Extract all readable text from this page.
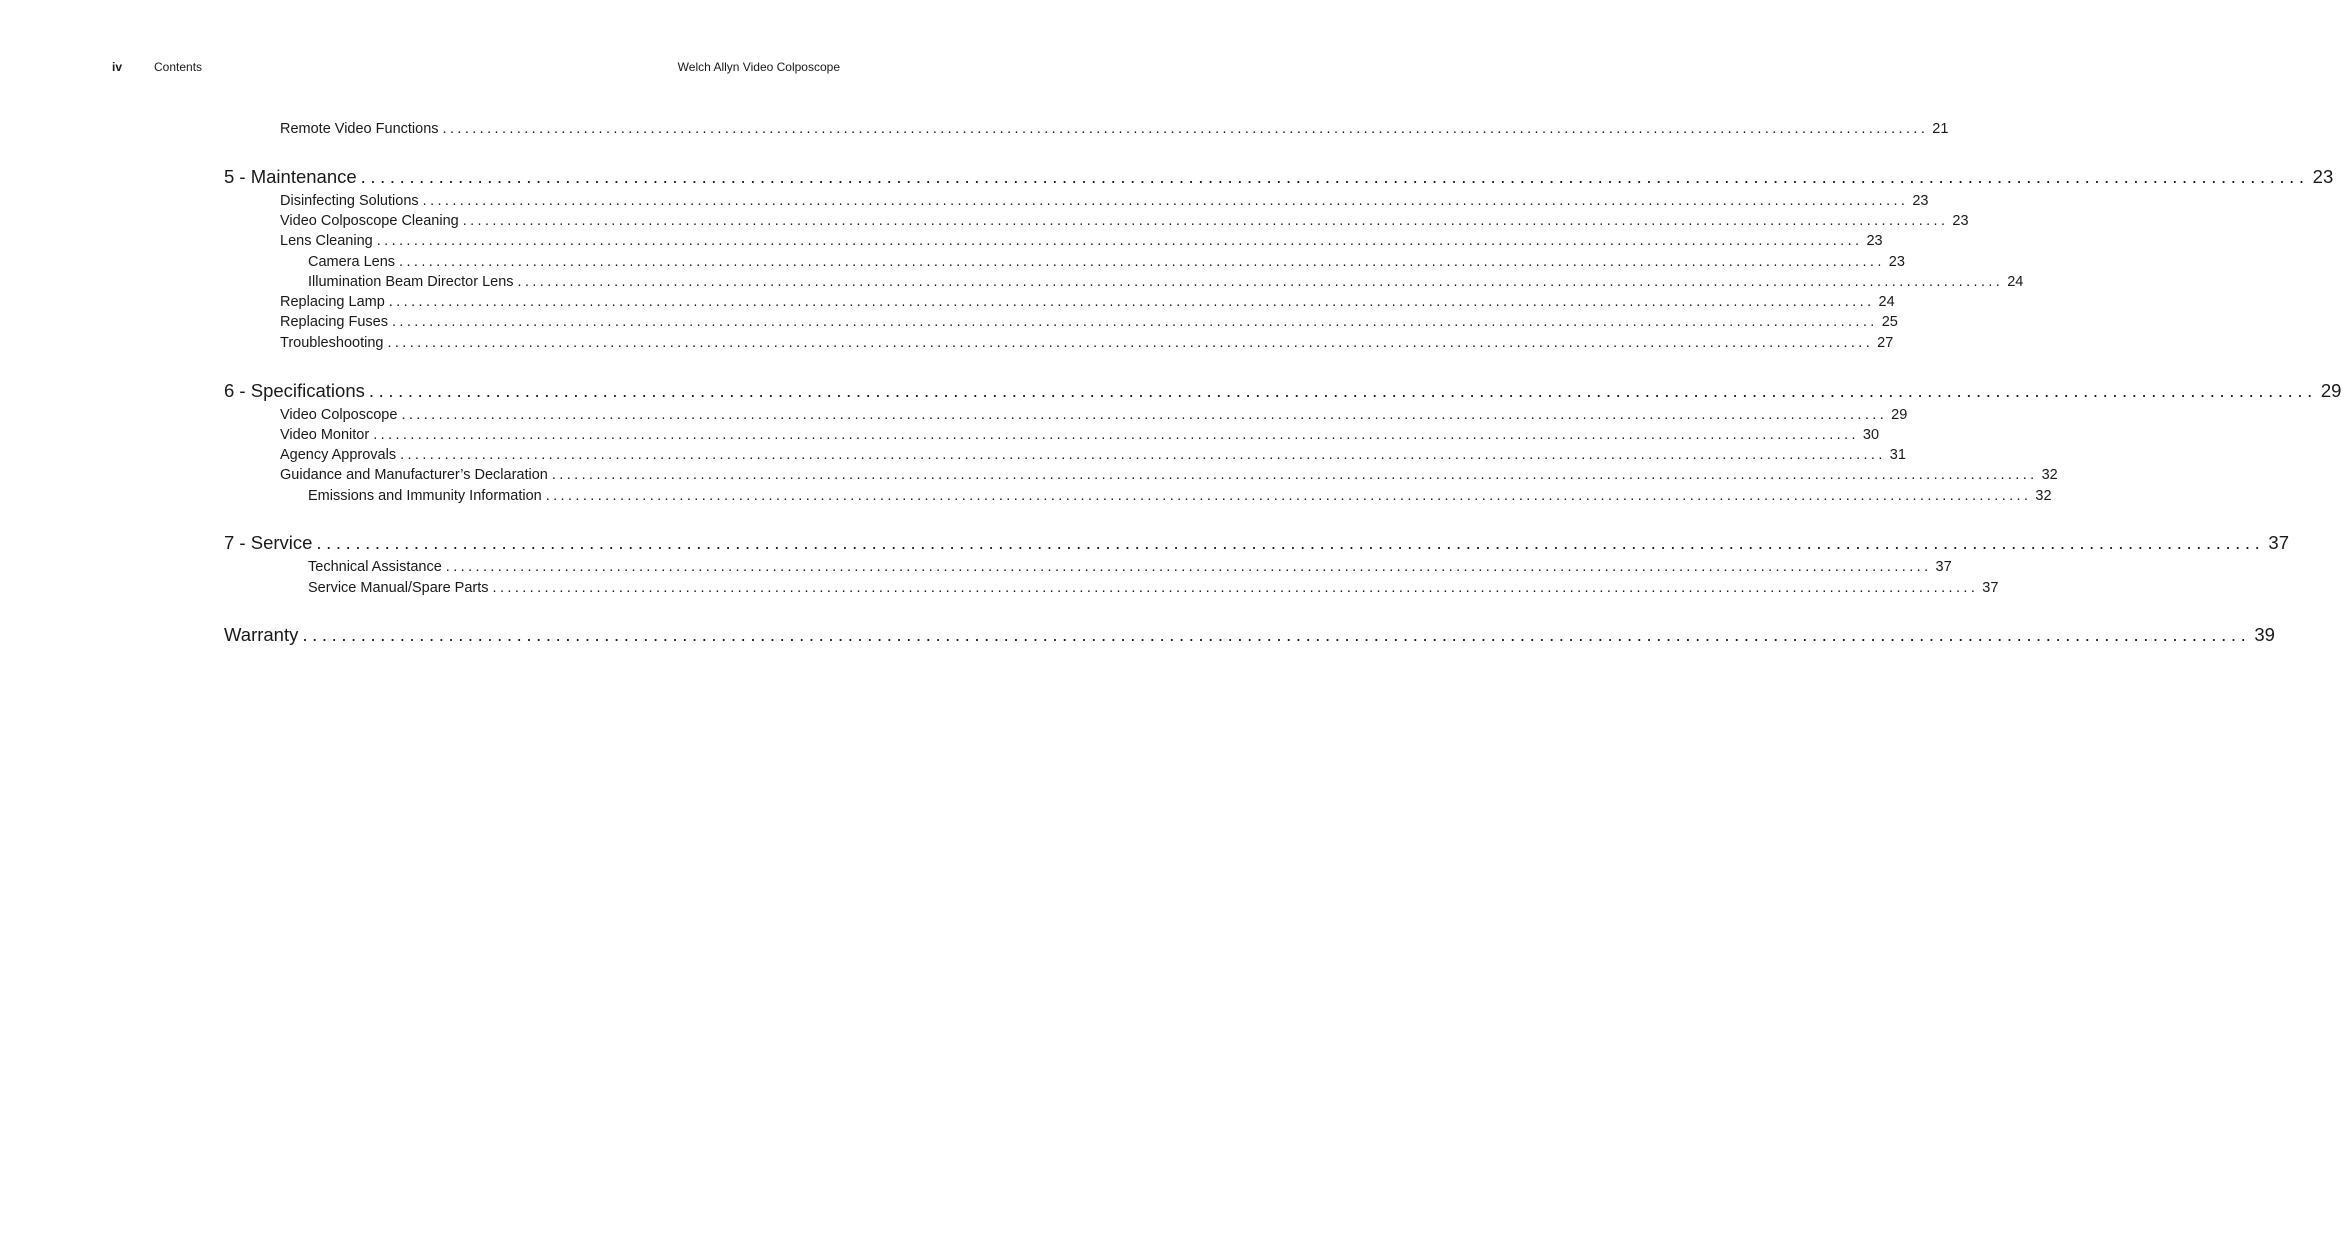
iv	Contents	Welch Allyn Video Colposcope
Remote Video Functions ........................................................................................................................................................................................................ 21
5 - Maintenance ........................................................................................................................................................................................................ 23
Disinfecting Solutions ........................................................................................................................................................................................................ 23
Video Colposcope Cleaning ........................................................................................................................................................................................................ 23
Lens Cleaning ........................................................................................................................................................................................................ 23
Camera Lens ........................................................................................................................................................................................................ 23
Illumination Beam Director Lens ........................................................................................................................................................................................................ 24
Replacing Lamp ........................................................................................................................................................................................................ 24
Replacing Fuses ........................................................................................................................................................................................................ 25
Troubleshooting ........................................................................................................................................................................................................ 27
6 - Specifications ........................................................................................................................................................................................................ 29
Video Colposcope ........................................................................................................................................................................................................ 29
Video Monitor ........................................................................................................................................................................................................ 30
Agency Approvals ........................................................................................................................................................................................................ 31
Guidance and Manufacturer’s Declaration ........................................................................................................................................................................................................ 32
Emissions and Immunity Information ........................................................................................................................................................................................................ 32
7 - Service ........................................................................................................................................................................................................ 37
Technical Assistance ........................................................................................................................................................................................................ 37
Service Manual/Spare Parts ........................................................................................................................................................................................................ 37
Warranty ........................................................................................................................................................................................................ 39
